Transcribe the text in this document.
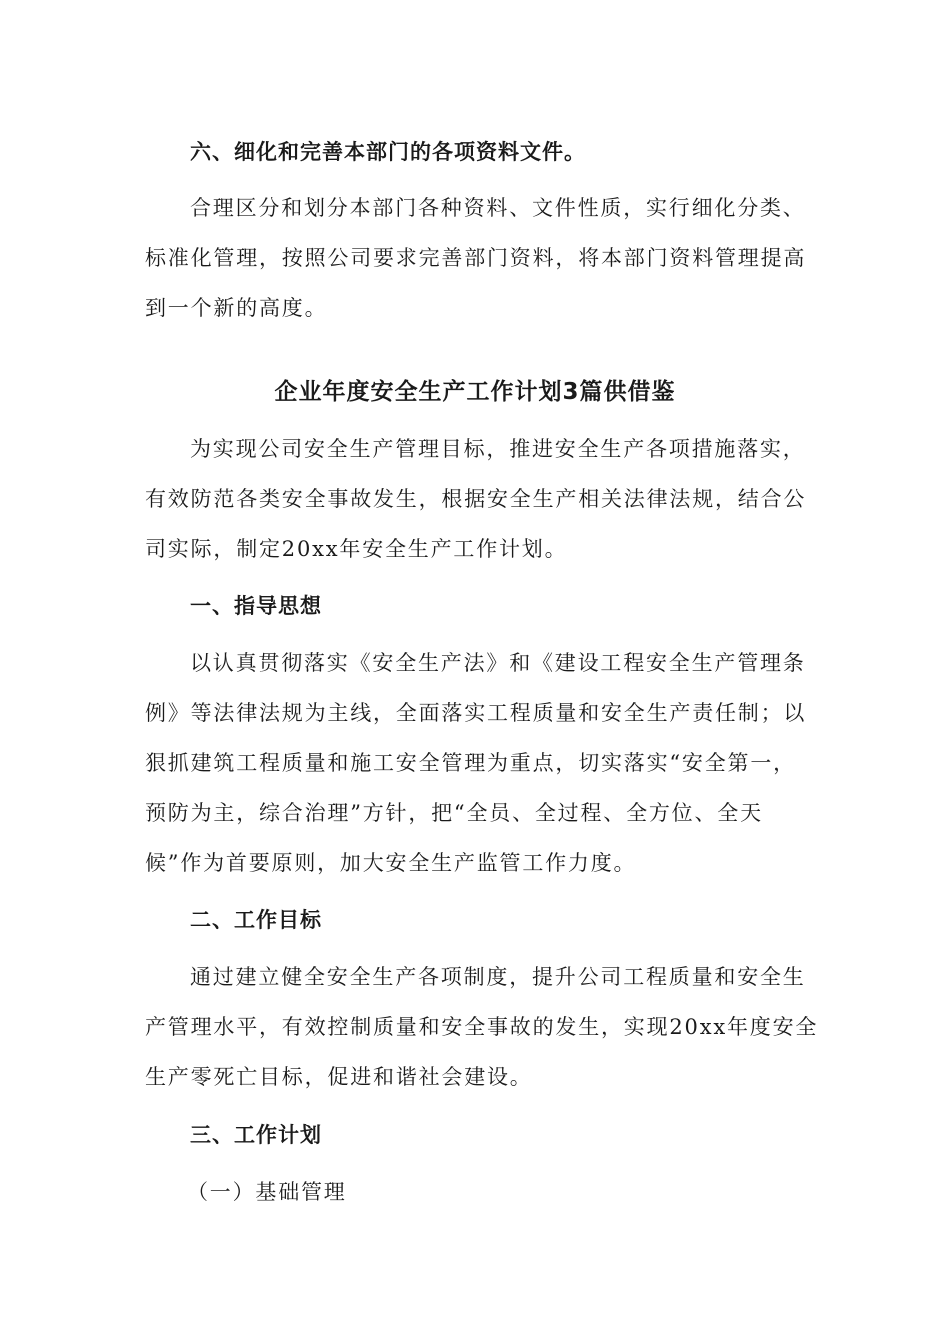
六、细化和完善本部门的各项资料文件。
合理区分和划分本部门各种资料、文件性质，实行细化分类、
标准化管理，按照公司要求完善部门资料，将本部门资料管理提高
到一个新的高度。
企业年度安全生产工作计划3篇供借鉴
为实现公司安全生产管理目标，推进安全生产各项措施落实，
有效防范各类安全事故发生，根据安全生产相关法律法规，结合公
司实际，制定20xx年安全生产工作计划。
一、指导思想
以认真贯彻落实《安全生产法》和《建设工程安全生产管理条
例》等法律法规为主线，全面落实工程质量和安全生产责任制；以
狠抓建筑工程质量和施工安全管理为重点，切实落实“安全第一，
预防为主，综合治理”方针，把“全员、全过程、全方位、全天
候”作为首要原则，加大安全生产监管工作力度。
二、工作目标
通过建立健全安全生产各项制度，提升公司工程质量和安全生
产管理水平，有效控制质量和安全事故的发生，实现20xx年度安全
生产零死亡目标，促进和谐社会建设。
三、工作计划
（一）基础管理
